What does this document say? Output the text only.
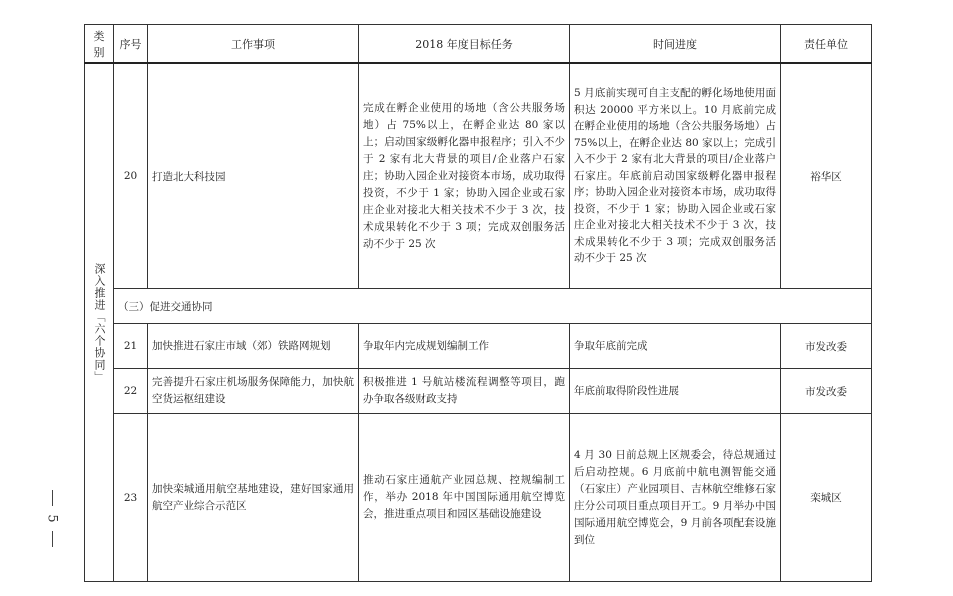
5
类别	序号	工作事项	2018 年度目标任务	时间进度	责任单位

深入推进「六个协同」	20	打造北大科技园	完成在孵企业使用的场地（含公共服务场地）占 75%以上，在孵企业达 80 家以上；启动国家级孵化器申报程序；引入不少于 2 家有北大背景的项目/企业落户石家庄；协助入园企业对接资本市场，成功取得投资，不少于 1 家；协助入园企业或石家庄企业对接北大相关技术不少于 3 次，技术成果转化不少于 3 项；完成双创服务活动不少于 25 次	5 月底前实现可自主支配的孵化场地使用面积达 20000 平方米以上。10 月底前完成在孵企业使用的场地（含公共服务场地）占 75%以上，在孵企业达 80 家以上；完成引入不少于 2 家有北大背景的项目/企业落户石家庄。年底前启动国家级孵化器申报程序；协助入园企业对接资本市场，成功取得投资，不少于 1 家；协助入园企业或石家庄企业对接北大相关技术不少于 3 次，技术成果转化不少于 3 项；完成双创服务活动不少于 25 次	裕华区
	（三）促进交通协同				
	21	加快推进石家庄市域（郊）铁路网规划	争取年内完成规划编制工作	争取年底前完成	市发改委
	22	完善提升石家庄机场服务保障能力，加快航空货运枢纽建设	积极推进 1 号航站楼流程调整等项目，跑办争取各级财政支持	年底前取得阶段性进展	市发改委
	23	加快栾城通用航空基地建设，建好国家通用航空产业综合示范区	推动石家庄通航产业园总规、控规编制工作，举办 2018 年中国国际通用航空博览会，推进重点项目和园区基础设施建设	4 月 30 日前总规上区规委会，待总规通过后启动控规。6 月底前中航电测智能交通（石家庄）产业园项目、吉林航空维修石家庄分公司项目重点项目开工。9 月举办中国国际通用航空博览会，9 月前各项配套设施到位	栾城区
